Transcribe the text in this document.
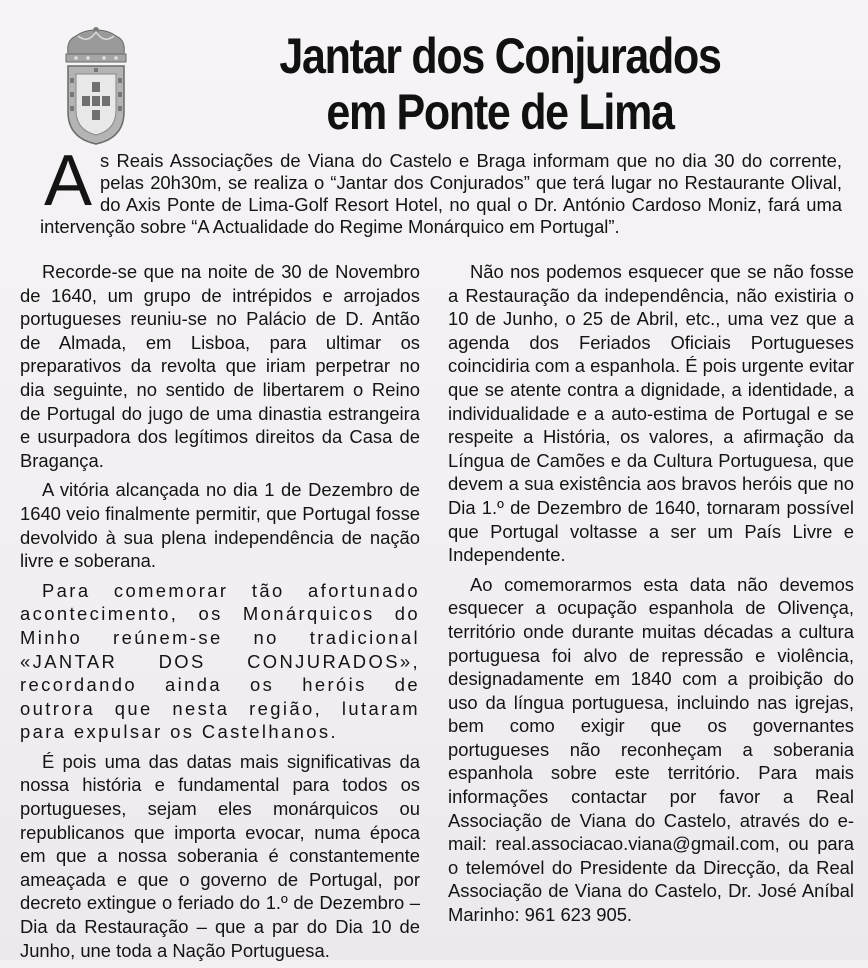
Jantar dos Conjurados
em Ponte de Lima

As Reais Associações de Viana do Castelo e Braga informam que no dia 30 do corrente, pelas 20h30m, se realiza o “Jantar dos Conjurados” que terá lugar no Restaurante Olival, do Axis Ponte de Lima-Golf Resort Hotel, no qual o Dr. António Cardoso Moniz, fará uma intervenção sobre “A Actualidade do Regime Monárquico em Portugal”.

Recorde-se que na noite de 30 de Novembro de 1640, um grupo de intrépidos e arrojados portugueses reuniu-se no Palácio de D. Antão de Almada, em Lisboa, para ultimar os preparativos da revolta que iriam perpetrar no dia seguinte, no sentido de libertarem o Reino de Portugal do jugo de uma dinastia estrangeira e usurpadora dos legítimos direitos da Casa de Bragança.

A vitória alcançada no dia 1 de Dezembro de 1640 veio finalmente permitir, que Portugal fosse devolvido à sua plena independência de nação livre e soberana.

Para comemorar tão afortunado acontecimento, os Monárquicos do Minho reúnem-se no tradicional «JANTAR DOS CONJURADOS», recordando ainda os heróis de outrora que nesta região, lutaram para expulsar os Castelhanos.

É pois uma das datas mais significativas da nossa história e fundamental para todos os portugueses, sejam eles monárquicos ou republicanos que importa evocar, numa época em que a nossa soberania é constantemente ameaçada e que o governo de Portugal, por decreto extingue o feriado do 1.º de Dezembro – Dia da Restauração – que a par do Dia 10 de Junho, une toda a Nação Portuguesa.

Não nos podemos esquecer que se não fosse a Restauração da independência, não existiria o 10 de Junho, o 25 de Abril, etc., uma vez que a agenda dos Feriados Oficiais Portugueses coincidiria com a espanhola. É pois urgente evitar que se atente contra a dignidade, a identidade, a individualidade e a auto-estima de Portugal e se respeite a História, os valores, a afirmação da Língua de Camões e da Cultura Portuguesa, que devem a sua existência aos bravos heróis que no Dia 1.º de Dezembro de 1640, tornaram possível que Portugal voltasse a ser um País Livre e Independente.

Ao comemorarmos esta data não devemos esquecer a ocupação espanhola de Olivença, território onde durante muitas décadas a cultura portuguesa foi alvo de repressão e violência, designadamente em 1840 com a proibição do uso da língua portuguesa, incluindo nas igrejas, bem como exigir que os governantes portugueses não reconheçam a soberania espanhola sobre este território. Para mais informações contactar por favor a Real Associação de Viana do Castelo, através do e-mail: real.associacao.viana@gmail.com, ou para o telemóvel do Presidente da Direcção, da Real Associação de Viana do Castelo, Dr. José Aníbal Marinho: 961 623 905.
